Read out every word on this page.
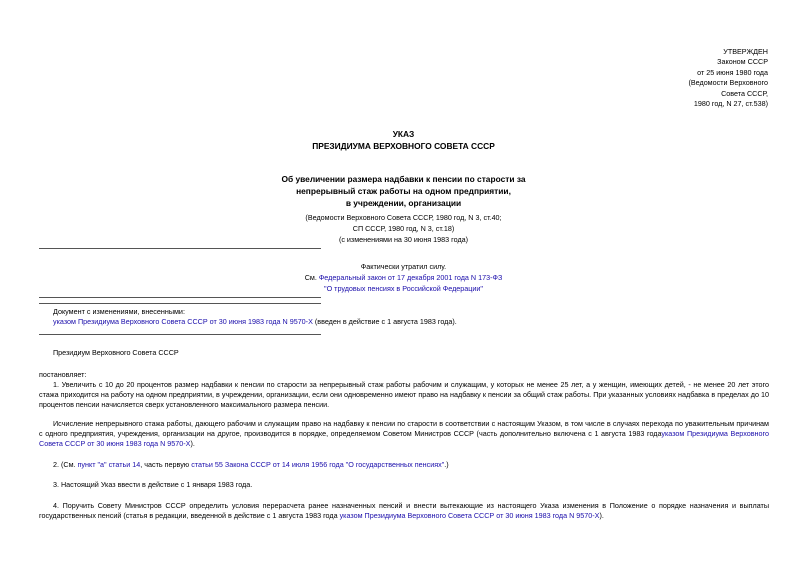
УТВЕРЖДЕН
Законом СССР
от 25 июня 1980 года
(Ведомости Верховного
Совета СССР,
1980 год, N 27, ст.538)
УКАЗ
ПРЕЗИДИУМА ВЕРХОВНОГО СОВЕТА СССР
Об увеличении размера надбавки к пенсии по старости за
непрерывный стаж работы на одном предприятии,
в учреждении, организации
(Ведомости Верховного Совета СССР, 1980 год, N 3, ст.40;
СП СССР, 1980 год, N 3, ст.18)
(с изменениями на 30 июня 1983 года)
Фактически утратил силу.
См. Федеральный закон от 17 декабря 2001 года N 173-ФЗ
"О трудовых пенсиях в Российской Федерации"
Документ с изменениями, внесенными:
указом Президиума Верховного Совета СССР от 30 июня 1983 года N 9570-X (введен в действие с 1 августа 1983 года).
Президиум Верховного Совета СССР
постановляет:
1. Увеличить с 10 до 20 процентов размер надбавки к пенсии по старости за непрерывный стаж работы рабочим и служащим, у которых не менее 25 лет, а у женщин, имеющих детей, - не менее 20 лет этого стажа приходится на работу на одном предприятии, в учреждении, организации, если они одновременно имеют право на надбавку к пенсии за общий стаж работы. При указанных условиях надбавка в пределах до 10 процентов пенсии начисляется сверх установленного максимального размера пенсии.
Исчисление непрерывного стажа работы, дающего рабочим и служащим право на надбавку к пенсии по старости в соответствии с настоящим Указом, в том числе в случаях перехода по уважительным причинам с одного предприятия, учреждения, организации на другое, производится в порядке, определяемом Советом Министров СССР (часть дополнительно включена с 1 августа 1983 годауказом Президиума Верховного Совета СССР от 30 июня 1983 года N 9570-X).
2. (См. пункт "а" статьи 14, часть первую статьи 55 Закона СССР от 14 июля 1956 года "О государственных пенсиях".)
3. Настоящий Указ ввести в действие с 1 января 1983 года.
4. Поручить Совету Министров СССР определить условия перерасчета ранее назначенных пенсий и внести вытекающие из настоящего Указа изменения в Положение о порядке назначения и выплаты государственных пенсий (статья в редакции, введенной в действие с 1 августа 1983 года указом Президиума Верховного Совета СССР от 30 июня 1983 года N 9570-X).
